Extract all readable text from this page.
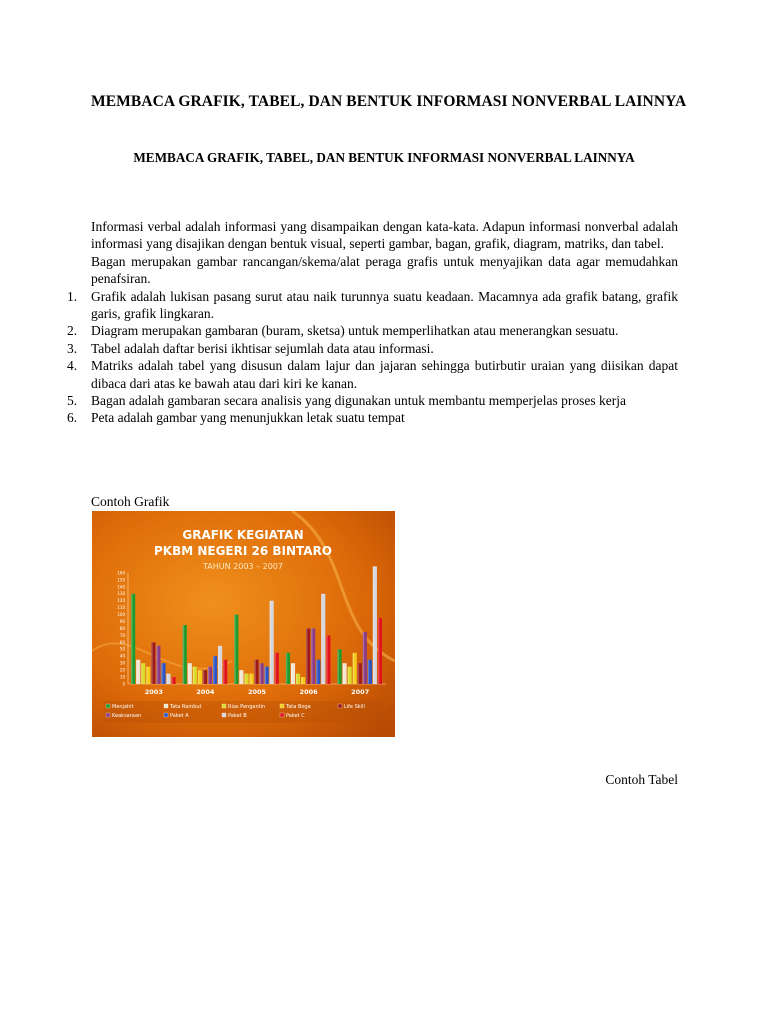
MEMBACA GRAFIK, TABEL, DAN BENTUK INFORMASI NONVERBAL LAINNYA
MEMBACA GRAFIK, TABEL, DAN BENTUK INFORMASI NONVERBAL LAINNYA

Informasi verbal adalah informasi yang disampaikan dengan kata-kata. Adapun informasi nonverbal adalah informasi yang disajikan dengan bentuk visual, seperti gambar, bagan, grafik, diagram, matriks, dan tabel.

Bagan merupakan gambar rancangan/skema/alat peraga grafis untuk menyajikan data agar memudahkan penafsiran.

1. Grafik adalah lukisan pasang surut atau naik turunnya suatu keadaan. Macamnya ada grafik batang, grafik garis, grafik lingkaran.
2. Diagram merupakan gambaran (buram, sketsa) untuk memperlihatkan atau menerangkan sesuatu.
3. Tabel adalah daftar berisi ikhtisar sejumlah data atau informasi.
4. Matriks adalah tabel yang disusun dalam lajur dan jajaran sehingga butirbutir uraian yang diisikan dapat dibaca dari atas ke bawah atau dari kiri ke kanan.
5. Bagan adalah gambaran secara analisis yang digunakan untuk membantu memperjelas proses kerja
6. Peta adalah gambar yang menunjukkan letak suatu tempat
Contoh Grafik
GRAFIK KEGIATAN
PKBM NEGERI 26 BINTARO
TAHUN 2003 – 2007
0
10
20
30
40
50
60
70
80
90
100
110
120
130
140
150
160
2003	2004	2005	2006	2007
Menjahit	Tata Rambut	Rias Pengantin	Tata Boga	Life Skill
Keaksaraan	Paket A	Paket B	Paket C
Contoh Tabel
